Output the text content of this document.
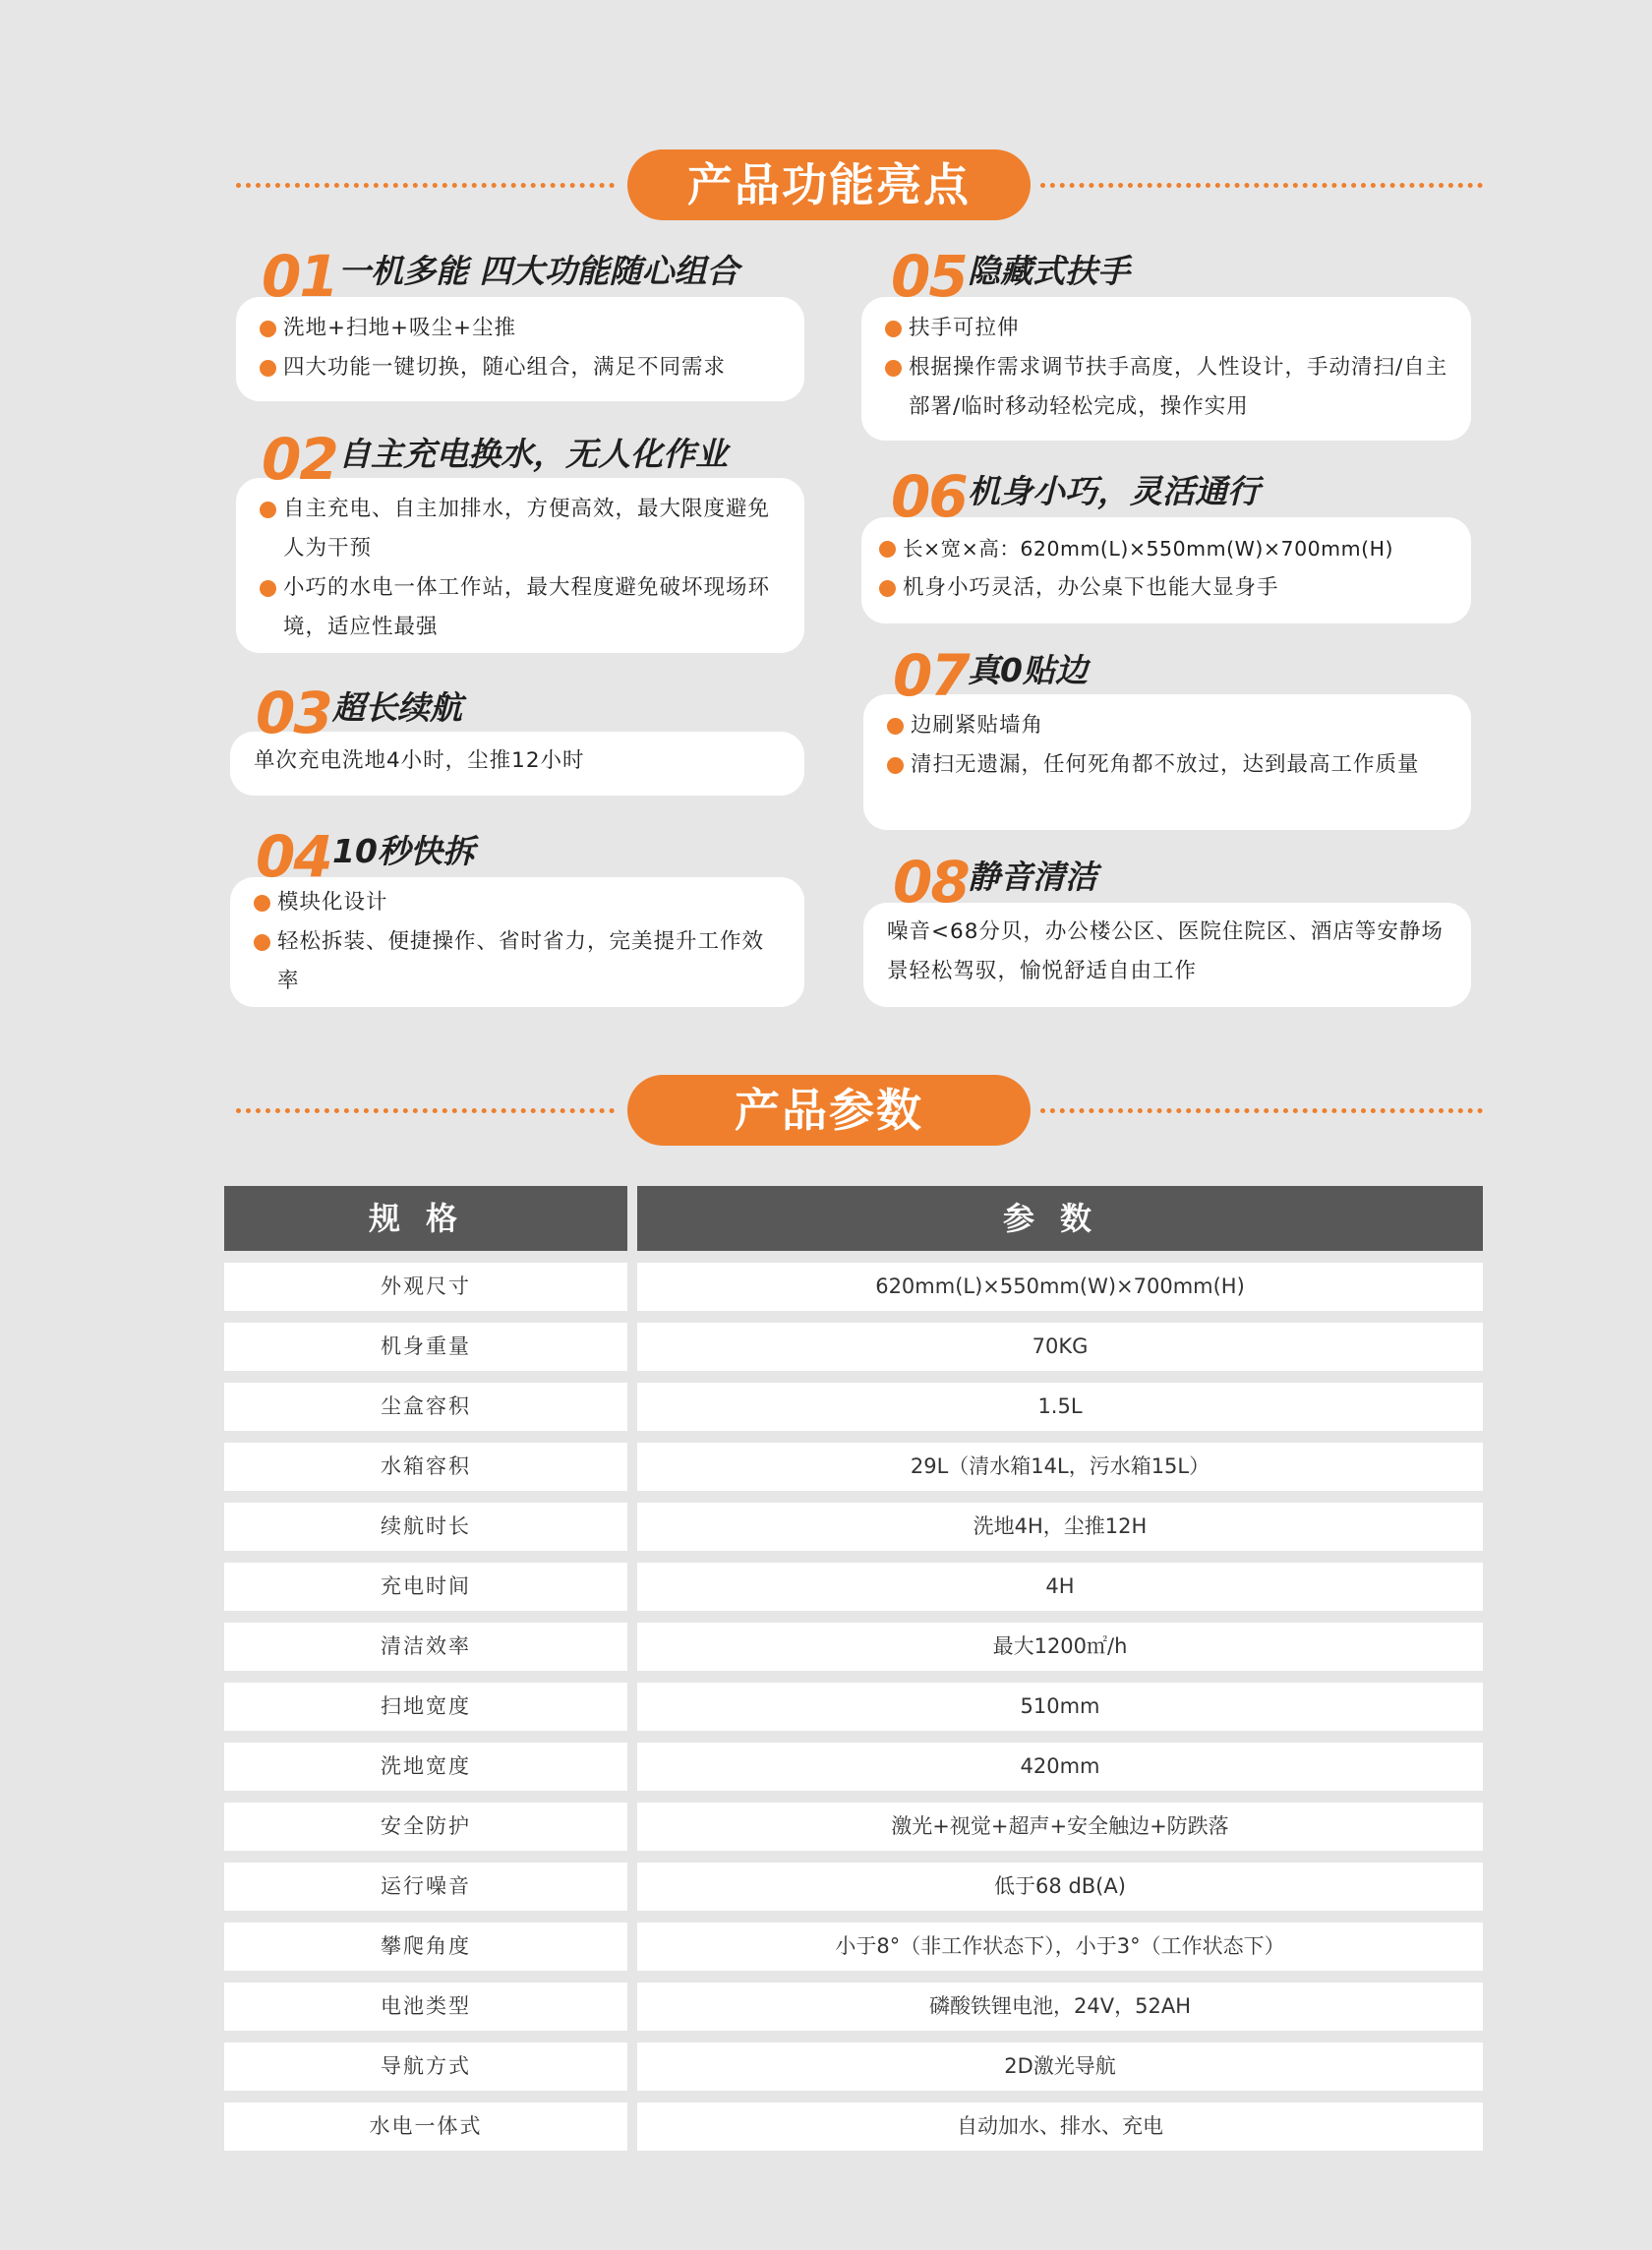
产品功能亮点
01 一机多能 四大功能随心组合
洗地+扫地+吸尘+尘推
四大功能一键切换，随心组合，满足不同需求
02 自主充电换水，无人化作业
自主充电、自主加排水，方便高效，最大限度避免人为干预
小巧的水电一体工作站，最大程度避免破坏现场环境，适应性最强
03 超长续航
单次充电洗地4小时，尘推12小时
04 10秒快拆
模块化设计
轻松拆装、便捷操作、省时省力，完美提升工作效率
05 隐藏式扶手
扶手可拉伸
根据操作需求调节扶手高度，人性设计，手动清扫/自主部署/临时移动轻松完成，操作实用
06 机身小巧，灵活通行
长×宽×高：620mm(L)×550mm(W)×700mm(H)
机身小巧灵活，办公桌下也能大显身手
07 真0贴边
边刷紧贴墙角
清扫无遗漏，任何死角都不放过，达到最高工作质量
08 静音清洁
噪音<68分贝，办公楼公区、医院住院区、酒店等安静场景轻松驾驭，愉悦舒适自由工作
产品参数
规格	参数
外观尺寸	620mm(L)×550mm(W)×700mm(H)
机身重量	70KG
尘盒容积	1.5L
水箱容积	29L（清水箱14L，污水箱15L）
续航时长	洗地4H，尘推12H
充电时间	4H
清洁效率	最大1200㎡/h
扫地宽度	510mm
洗地宽度	420mm
安全防护	激光+视觉+超声+安全触边+防跌落
运行噪音	低于68 dB(A)
攀爬角度	小于8°（非工作状态下），小于3°（工作状态下）
电池类型	磷酸铁锂电池，24V，52AH
导航方式	2D激光导航
水电一体式	自动加水、排水、充电
